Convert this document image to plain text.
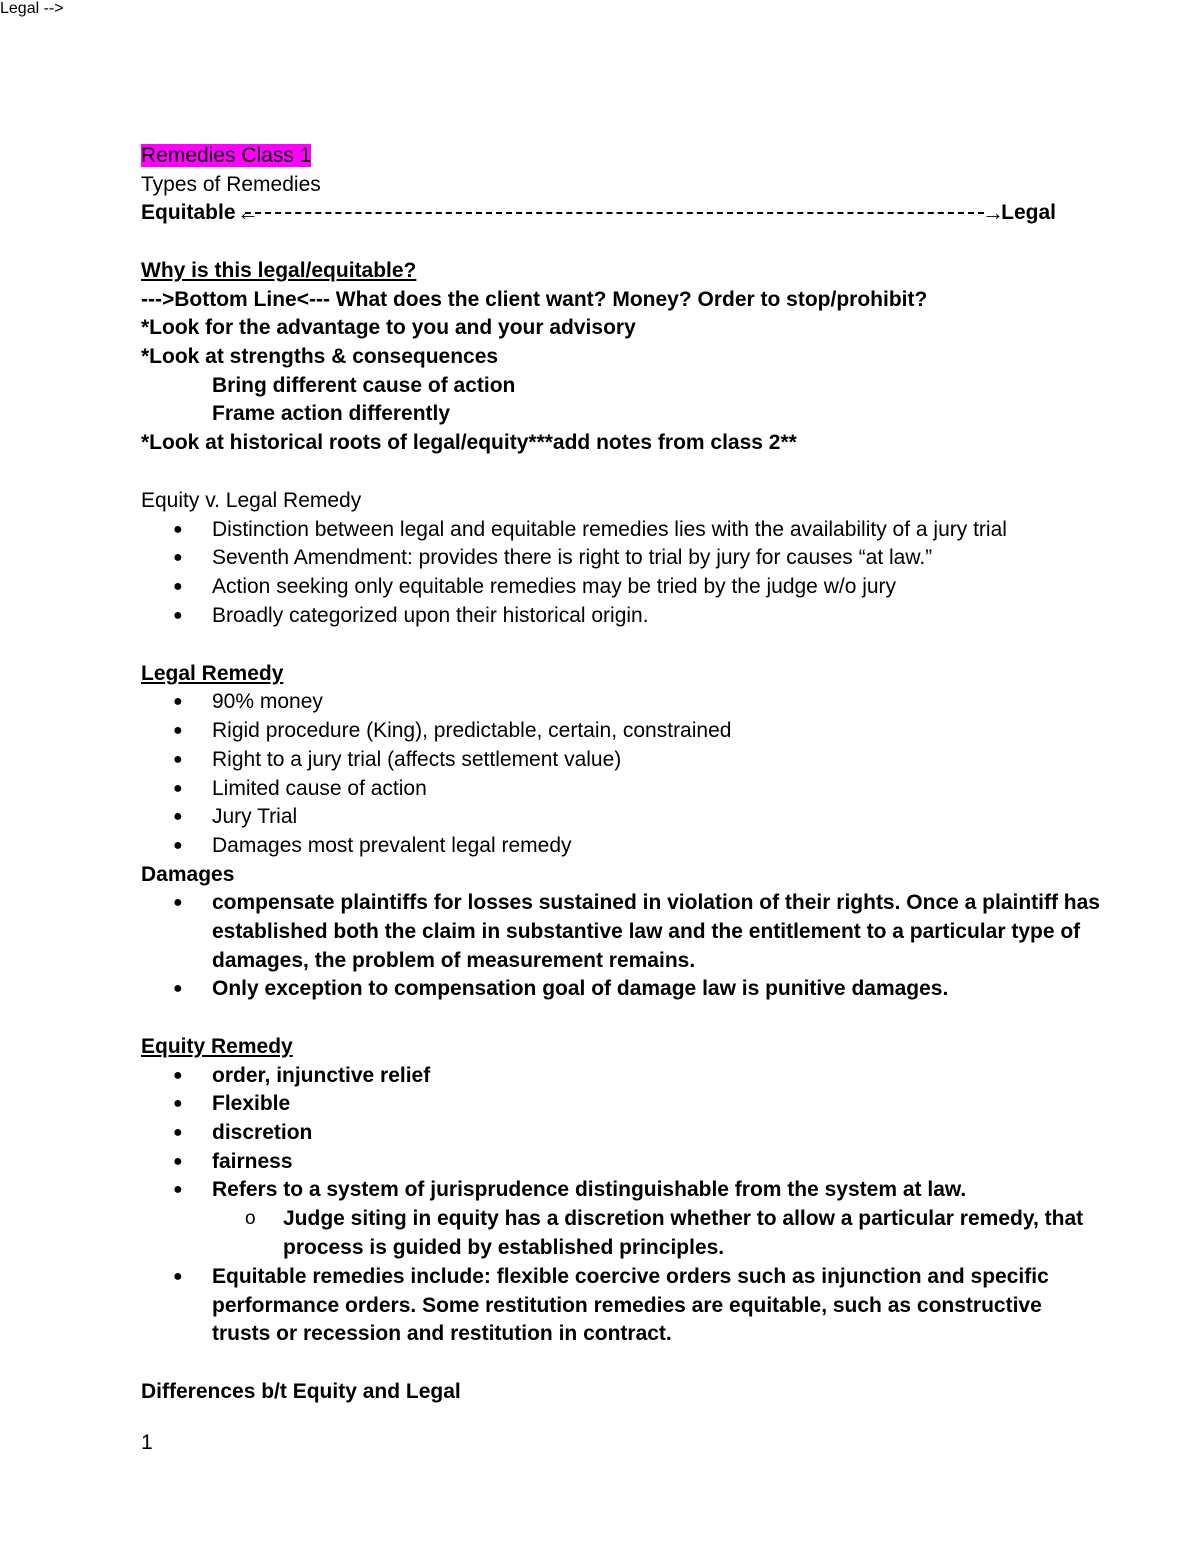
Remedies Class 1
Types of Remedies
Legal -->
Equitable ←	→
Legal
Why is this legal/equitable?
--->Bottom Line<--- What does the client want? Money? Order to stop/prohibit?
*Look for the advantage to you and your advisory
*Look at strengths & consequences
Bring different cause of action
Frame action differently
*Look at historical roots of legal/equity***add notes from class 2**
Equity v. Legal Remedy
● Distinction between legal and equitable remedies lies with the availability of a jury trial
● Seventh Amendment: provides there is right to trial by jury for causes “at law.”
● Action seeking only equitable remedies may be tried by the judge w/o jury
● Broadly categorized upon their historical origin.
Legal Remedy
● 90% money
● Rigid procedure (King), predictable, certain, constrained
● Right to a jury trial (affects settlement value)
● Limited cause of action
● Jury Trial
● Damages most prevalent legal remedy
Damages
● compensate plaintiffs for losses sustained in violation of their rights. Once a plaintiff has
established both the claim in substantive law and the entitlement to a particular type of
damages, the problem of measurement remains.
● Only exception to compensation goal of damage law is punitive damages.
Equity Remedy
● order, injunctive relief
● Flexible
● discretion
● fairness
● Refers to a system of jurisprudence distinguishable from the system at law.
o Judge siting in equity has a discretion whether to allow a particular remedy, that
process is guided by established principles.
● Equitable remedies include: flexible coercive orders such as injunction and specific
performance orders. Some restitution remedies are equitable, such as constructive
trusts or recession and restitution in contract.
Differences b/t Equity and Legal
1
